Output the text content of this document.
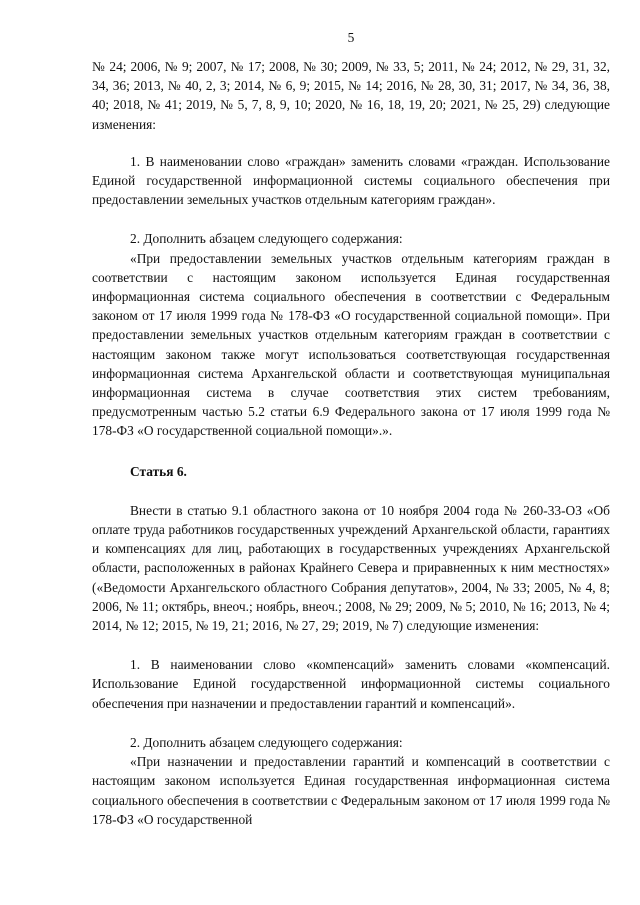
5

№ 24; 2006, № 9; 2007, № 17; 2008, № 30; 2009, № 33, 5; 2011, № 24; 2012, № 29, 31, 32, 34, 36; 2013, № 40, 2, 3; 2014, № 6, 9; 2015, № 14; 2016, № 28, 30, 31; 2017, № 34, 36, 38, 40; 2018, № 41; 2019, № 5, 7, 8, 9, 10; 2020, № 16, 18, 19, 20; 2021, № 25, 29) следующие изменения:

1. В наименовании слово «граждан» заменить словами «граждан. Использование Единой государственной информационной системы социального обеспечения при предоставлении земельных участков отдельным категориям граждан».

2. Дополнить абзацем следующего содержания:

«При предоставлении земельных участков отдельным категориям граждан в соответствии с настоящим законом используется Единая государственная информационная система социального обеспечения в соответствии с Федеральным законом от 17 июля 1999 года № 178-ФЗ «О государственной социальной помощи». При предоставлении земельных участков отдельным категориям граждан в соответствии с настоящим законом также могут использоваться соответствующая государственная информационная система Архангельской области и соответствующая муниципальная информационная система в случае соответствия этих систем требованиям, предусмотренным частью 5.2 статьи 6.9 Федерального закона от 17 июля 1999 года № 178-ФЗ «О государственной социальной помощи».».

Статья 6.

Внести в статью 9.1 областного закона от 10 ноября 2004 года № 260-33-ОЗ «Об оплате труда работников государственных учреждений Архангельской области, гарантиях и компенсациях для лиц, работающих в государственных учреждениях Архангельской области, расположенных в районах Крайнего Севера и приравненных к ним местностях» («Ведомости Архангельского областного Собрания депутатов», 2004, № 33; 2005, № 4, 8; 2006, № 11; октябрь, внеоч.; ноябрь, внеоч.; 2008, № 29; 2009, № 5; 2010, № 16; 2013, № 4; 2014, № 12; 2015, № 19, 21; 2016, № 27, 29; 2019, № 7) следующие изменения:

1. В наименовании слово «компенсаций» заменить словами «компенсаций. Использование Единой государственной информационной системы социального обеспечения при назначении и предоставлении гарантий и компенсаций».

2. Дополнить абзацем следующего содержания:

«При назначении и предоставлении гарантий и компенсаций в соответствии с настоящим законом используется Единая государственная информационная система социального обеспечения в соответствии с Федеральным законом от 17 июля 1999 года № 178-ФЗ «О государственной
